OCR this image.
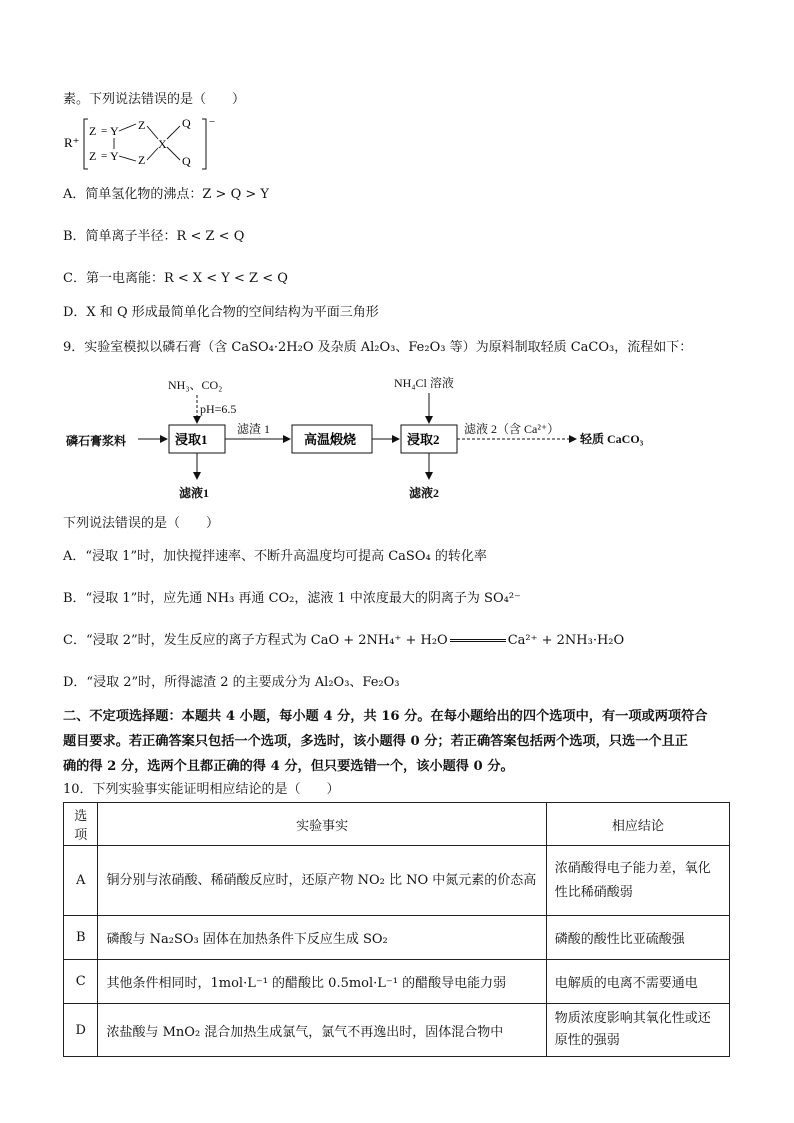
素。下列说法错误的是（　　）
R⁺
−
Z = Y
Z = Y
Z
Z
X
Q
Q
A．简单氢化物的沸点：Z > Q > Y
B．简单离子半径：R < Z < Q
C．第一电离能：R < X < Y < Z < Q
D．X 和 Q 形成最简单化合物的空间结构为平面三角形
9．实验室模拟以磷石膏（含 CaSO₄·2H₂O 及杂质 Al₂O₃、Fe₂O₃ 等）为原料制取轻质 CaCO₃，流程如下：
NH₃、CO₂
pH=6.5
NH₄Cl 溶液
磷石膏浆料
滤渣 1	滤液 2（含 Ca²⁺）
轻质 CaCO₃
滤液1	滤液2
浸取1	高温煅烧	浸取2
下列说法错误的是（　　）
A．“浸取 1”时，加快搅拌速率、不断升高温度均可提高 CaSO₄ 的转化率
B．“浸取 1”时，应先通 NH₃ 再通 CO₂，滤液 1 中浓度最大的阴离子为 SO₄²⁻
C．“浸取 2”时，发生反应的离子方程式为 CaO + 2NH₄⁺ + H₂O	Ca²⁺ + 2NH₃·H₂O
D．“浸取 2”时，所得滤渣 2 的主要成分为 Al₂O₃、Fe₂O₃
二、不定项选择题：本题共 4 小题，每小题 4 分，共 16 分。在每小题给出的四个选项中，有一项或两项符合
题目要求。若正确答案只包括一个选项，多选时，该小题得 0 分；若正确答案包括两个选项，只选一个且正
确的得 2 分，选两个且都正确的得 4 分，但只要选错一个，该小题得 0 分。
10．下列实验事实能证明相应结论的是（　　）
选项	实验事实	相应结论
A	铜分别与浓硝酸、稀硝酸反应时，还原产物 NO₂ 比 NO 中氮元素的价态高	浓硝酸得电子能力差，氧化性比稀硝酸弱
B	磷酸与 Na₂SO₃ 固体在加热条件下反应生成 SO₂	磷酸的酸性比亚硫酸强
C	其他条件相同时，1mol·L⁻¹ 的醋酸比 0.5mol·L⁻¹ 的醋酸导电能力弱	电解质的电离不需要通电
D	浓盐酸与 MnO₂ 混合加热生成氯气，氯气不再逸出时，固体混合物中	物质浓度影响其氧化性或还原性的强弱
